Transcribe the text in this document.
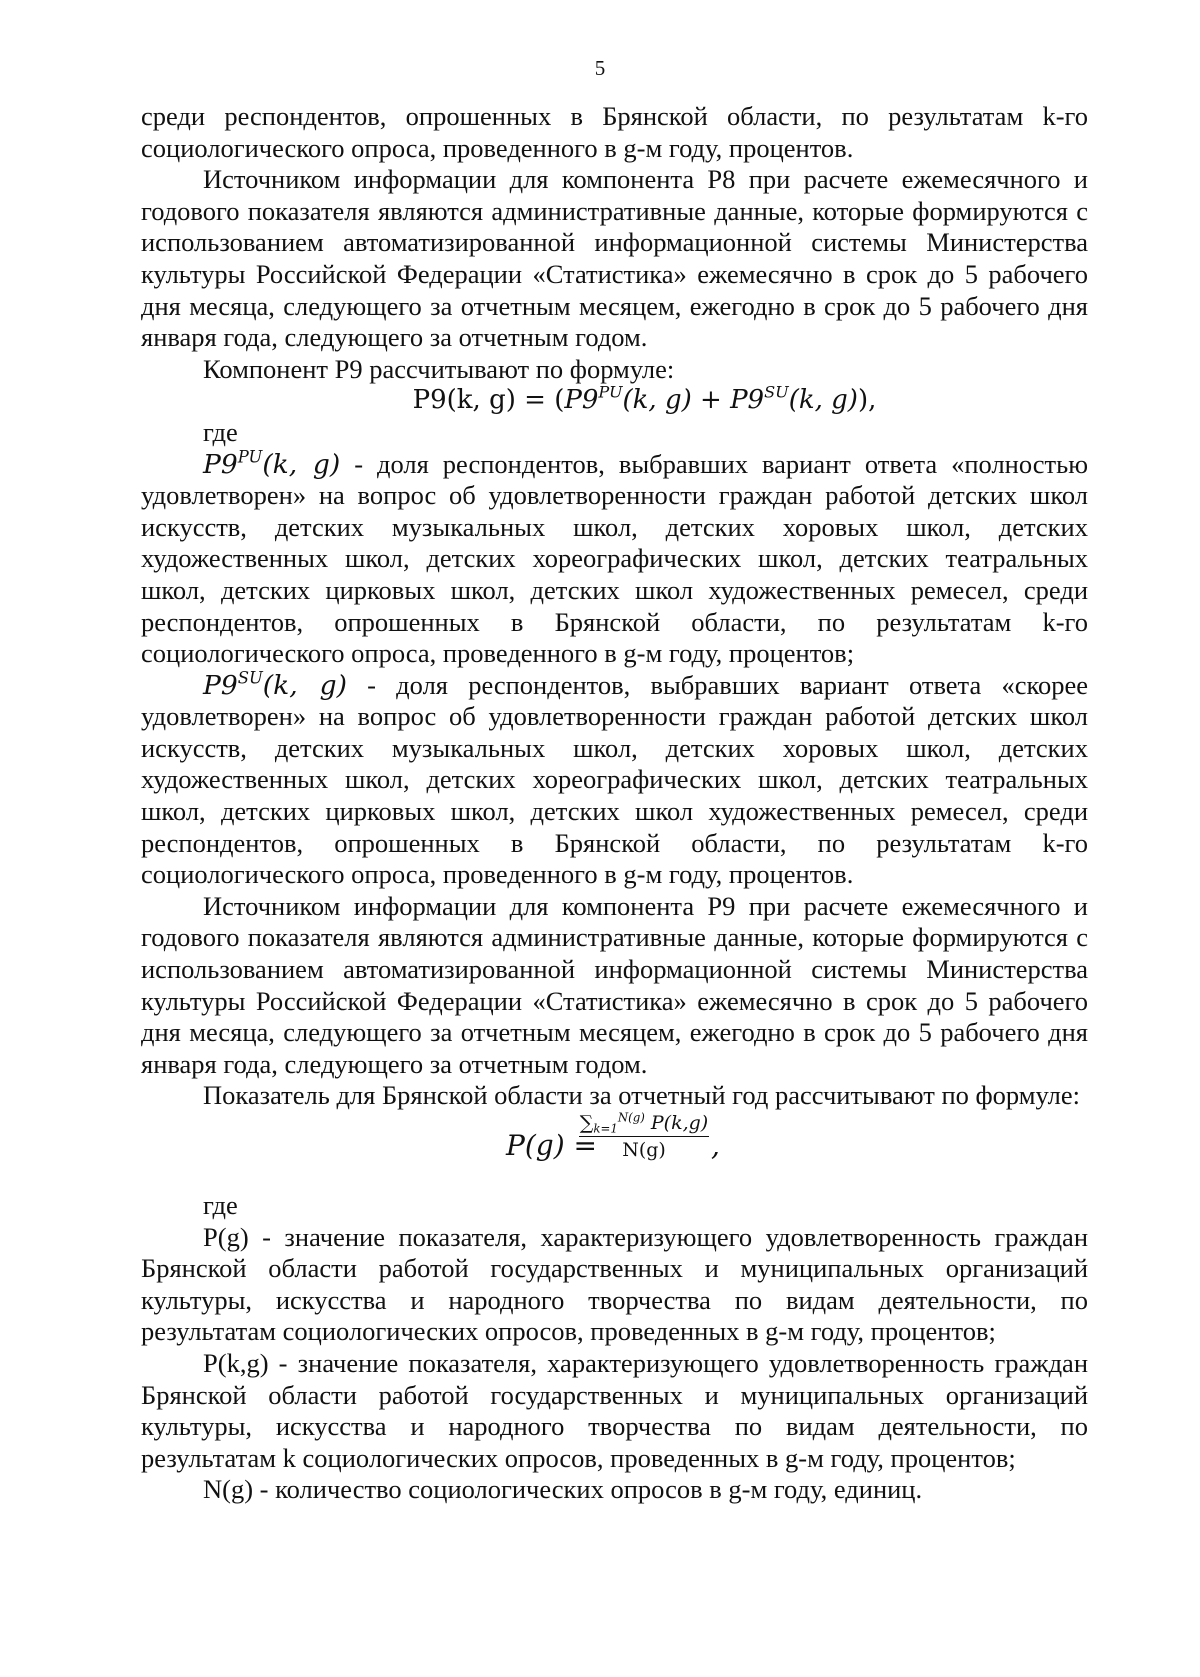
5

среди респондентов, опрошенных в Брянской области, по результатам k-го социологического опроса, проведенного в g-м году, процентов.

Источником информации для компонента P8 при расчете ежемесячного и годового показателя являются административные данные, которые формируются с использованием автоматизированной информационной системы Министерства культуры Российской Федерации «Статистика» ежемесячно в срок до 5 рабочего дня месяца, следующего за отчетным месяцем, ежегодно в срок до 5 рабочего дня января года, следующего за отчетным годом.

Компонент P9 рассчитывают по формуле:

P9(k, $g) = (P9^{PU}(k$, $g) + P9^{SU}(k$, g)),

где

$P9^{PU}(k$, g) - доля респондентов, выбравших вариант ответа «полностью удовлетворен» на вопрос об удовлетворенности граждан работой детских школ искусств, детских музыкальных школ, детских хоровых школ, детских художественных школ, детских хореографических школ, детских театральных школ, детских цирковых школ, детских школ художественных ремесел, среди респондентов, опрошенных в Брянской области, по результатам k-го социологического опроса, проведенного в g-м году, процентов;

$P9^{SU}(k$, g) - доля респондентов, выбравших вариант ответа «скорее удовлетворен» на вопрос об удовлетворенности граждан работой детских школ искусств, детских музыкальных школ, детских хоровых школ, детских художественных школ, детских хореографических школ, детских театральных школ, детских цирковых школ, детских школ художественных ремесел, среди респондентов, опрошенных в Брянской области, по результатам k-го социологического опроса, проведенного в g-м году, процентов.

Источником информации для компонента P9 при расчете ежемесячного и годового показателя являются административные данные, которые формируются с использованием автоматизированной информационной системы Министерства культуры Российской Федерации «Статистика» ежемесячно в срок до 5 рабочего дня месяца, следующего за отчетным месяцем, ежегодно в срок до 5 рабочего дня января года, следующего за отчетным годом.

Показатель для Брянской области за отчетный год рассчитывают по формуле:

P(g) =
$\frac{\sum_{k=1}^{N(g)} P(k,g)}{N(g)}$ ,

где

P(g) - значение показателя, характеризующего удовлетворенность граждан Брянской области работой государственных и муниципальных организаций культуры, искусства и народного творчества по видам деятельности, по результатам социологических опросов, проведенных в g-м году, процентов;

P(k,g) - значение показателя, характеризующего удовлетворенность граждан Брянской области работой государственных и муниципальных организаций культуры, искусства и народного творчества по видам деятельности, по результатам k социологических опросов, проведенных в g-м году, процентов;

N(g) - количество социологических опросов в g-м году, единиц.
